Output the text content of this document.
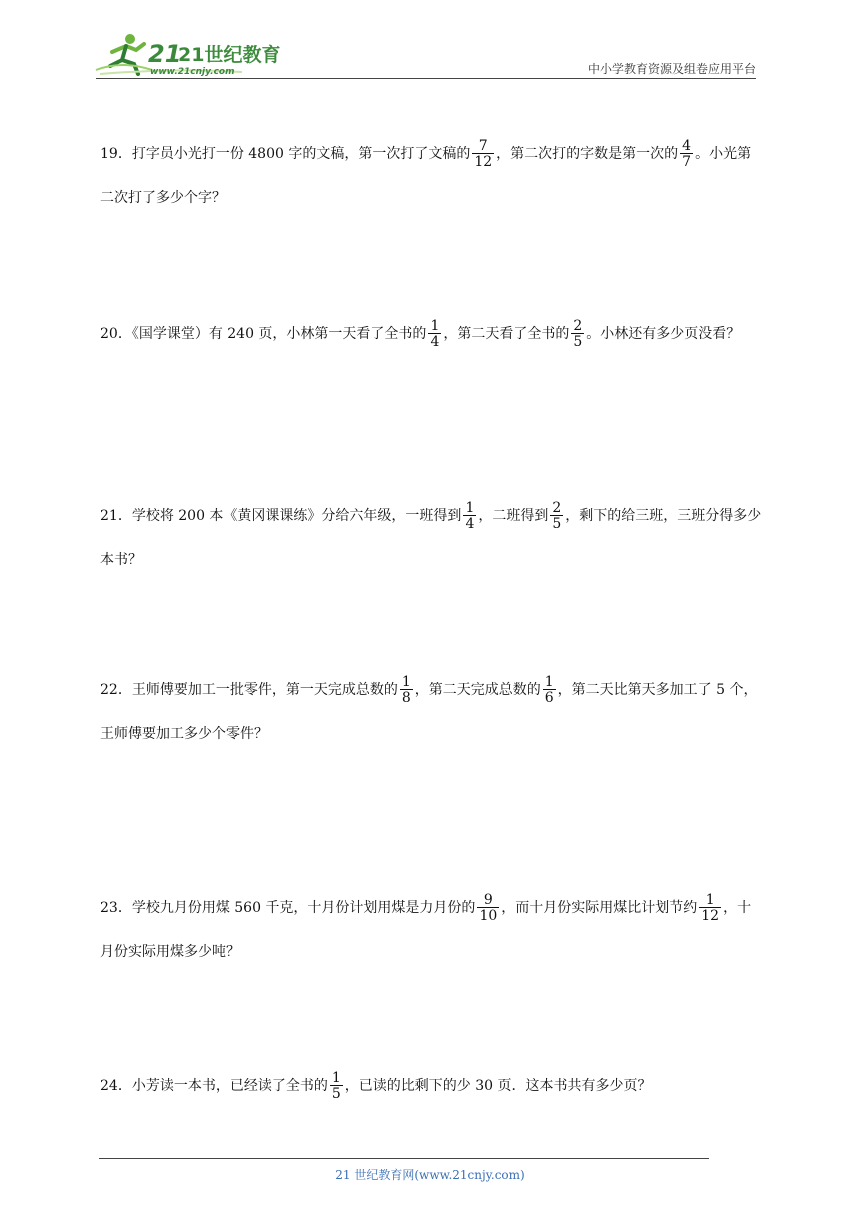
21
21世纪教育
www.21cnjy.com	中小学教育资源及组卷应用平台
19．打字员小光打一份 4800 字的文稿，第一次打了文稿的 $\frac{7}{12}$ ，第二次打的字数是第一次的 $\frac{4}{7}$ 。小光第二次打了多少个字？
20．《国学课堂）有 240 页，小林第一天看了全书的 $\frac{1}{4}$ ，第二天看了全书的 $\frac{2}{5}$ 。小林还有多少页没看？
21．学校将 200 本《黄冈课课练》分给六年级，一班得到 $\frac{1}{4}$ ，二班得到 $\frac{2}{5}$ ，剩下的给三班，三班分得多少本书？
22．王师傅要加工一批零件，第一天完成总数的 $\frac{1}{8}$ ，第二天完成总数的 $\frac{1}{6}$ ，第二天比第天多加工了 5 个，王师傅要加工多少个零件？
23．学校九月份用煤 560 千克，十月份计划用煤是力月份的 $\frac{9}{10}$ ，而十月份实际用煤比计划节约 $\frac{1}{12}$ ，十月份实际用煤多少吨？
24．小芳读一本书，已经读了全书的 $\frac{1}{5}$ ，已读的比剩下的少 30 页．这本书共有多少页？
21 世纪教育网(www.21cnjy.com)
